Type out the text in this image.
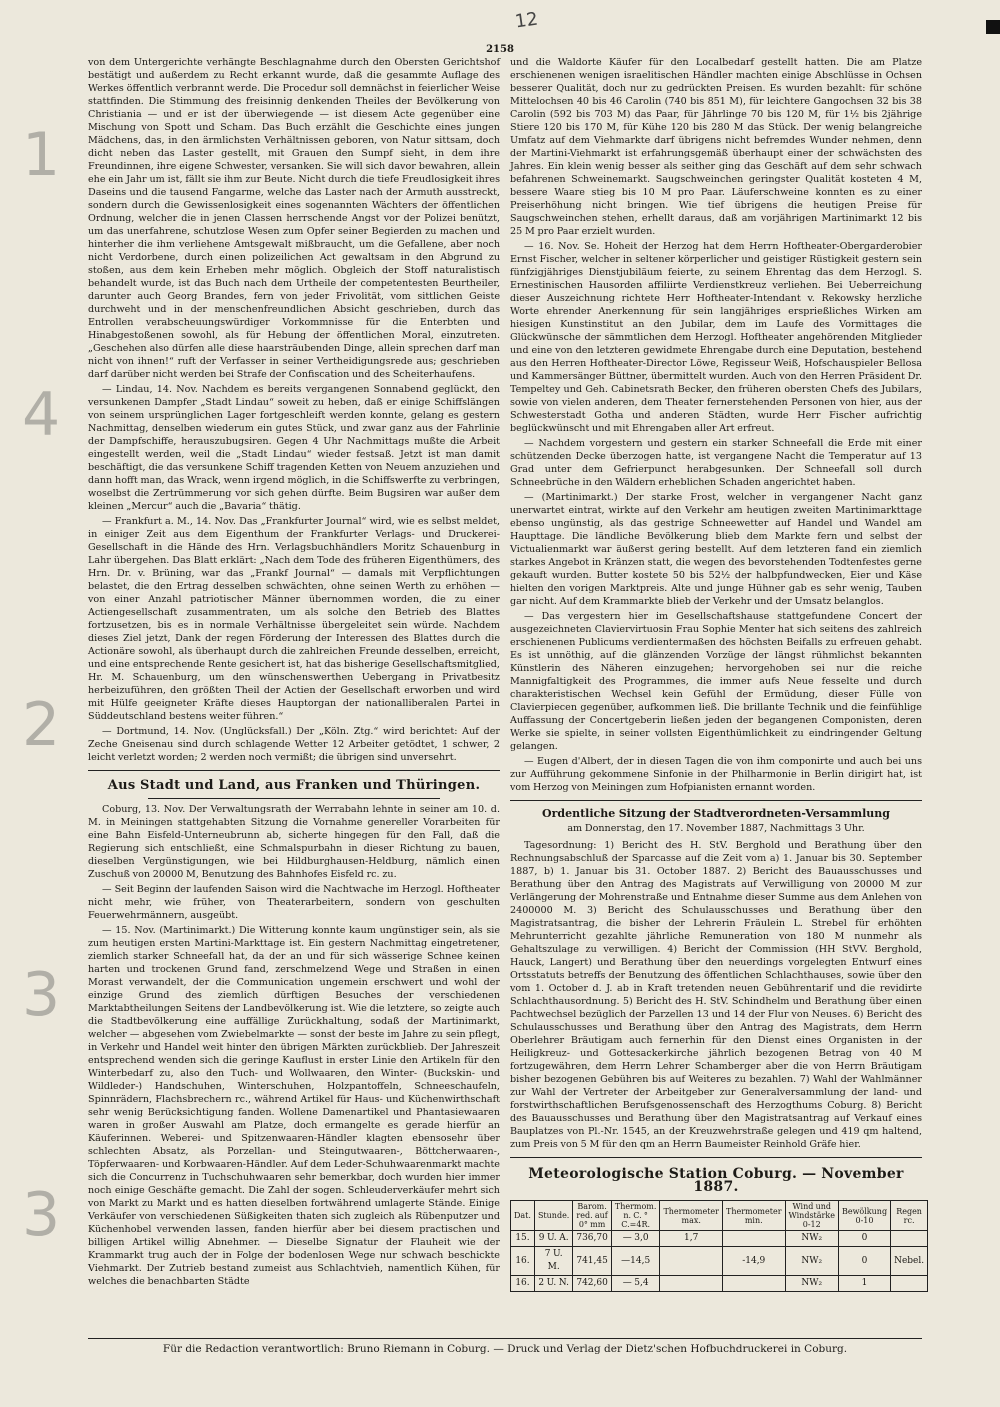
12
2158
1
4
2
3
3

von dem Untergerichte verhängte Beschlagnahme durch den Obersten Gerichtshof bestätigt und außerdem zu Recht erkannt wurde, daß die gesammte Auflage des Werkes öffentlich verbrannt werde. Die Procedur soll demnächst in feierlicher Weise stattfinden. Die Stimmung des freisinnig denkenden Theiles der Bevölkerung von Christiania — und er ist der überwiegende — ist diesem Acte gegenüber eine Mischung von Spott und Scham. Das Buch erzählt die Geschichte eines jungen Mädchens, das, in den ärmlichsten Verhältnissen geboren, von Natur sittsam, doch dicht neben das Laster gestellt, mit Grauen den Sumpf sieht, in dem ihre Freundinnen, ihre eigene Schwester, versanken. Sie will sich davor bewahren, allein ehe ein Jahr um ist, fällt sie ihm zur Beute. Nicht durch die tiefe Freudlosigkeit ihres Daseins und die tausend Fangarme, welche das Laster nach der Armuth ausstreckt, sondern durch die Gewissenlosigkeit eines sogenannten Wächters der öffentlichen Ordnung, welcher die in jenen Classen herrschende Angst vor der Polizei benützt, um das unerfahrene, schutzlose Wesen zum Opfer seiner Begierden zu machen und hinterher die ihm verliehene Amtsgewalt mißbraucht, um die Gefallene, aber noch nicht Verdorbene, durch einen polizeilichen Act gewaltsam in den Abgrund zu stoßen, aus dem kein Erheben mehr möglich. Obgleich der Stoff naturalistisch behandelt wurde, ist das Buch nach dem Urtheile der competentesten Beurtheiler, darunter auch Georg Brandes, fern von jeder Frivolität, vom sittlichen Geiste durchweht und in der menschenfreundlichen Absicht geschrieben, durch das Entrollen verabscheuungswürdiger Vorkommnisse für die Enterbten und Hinabgestoßenen sowohl, als für Hebung der öffentlichen Moral, einzutreten. „Geschehen also dürfen alle diese haarsträubenden Dinge, allein sprechen darf man nicht von ihnen!“ ruft der Verfasser in seiner Vertheidigungsrede aus; geschrieben darf darüber nicht werden bei Strafe der Confiscation und des Scheiterhaufens.

— Lindau, 14. Nov. Nachdem es bereits vergangenen Sonnabend geglückt, den versunkenen Dampfer „Stadt Lindau“ soweit zu heben, daß er einige Schiffslängen von seinem ursprünglichen Lager fortgeschleift werden konnte, gelang es gestern Nachmittag, denselben wiederum ein gutes Stück, und zwar ganz aus der Fahrlinie der Dampfschiffe, herauszubugsiren. Gegen 4 Uhr Nachmittags mußte die Arbeit eingestellt werden, weil die „Stadt Lindau“ wieder festsaß. Jetzt ist man damit beschäftigt, die das versunkene Schiff tragenden Ketten von Neuem anzuziehen und dann hofft man, das Wrack, wenn irgend möglich, in die Schiffswerfte zu verbringen, woselbst die Zertrümmerung vor sich gehen dürfte. Beim Bugsiren war außer dem kleinen „Mercur“ auch die „Bavaria“ thätig.

— Frankfurt a. M., 14. Nov. Das „Frankfurter Journal“ wird, wie es selbst meldet, in einiger Zeit aus dem Eigenthum der Frankfurter Verlags- und Druckerei-Gesellschaft in die Hände des Hrn. Verlagsbuchhändlers Moritz Schauenburg in Lahr übergehen. Das Blatt erklärt: „Nach dem Tode des früheren Eigenthümers, des Hrn. Dr. v. Brüning, war das „Frankf Journal“ — damals mit Verpflichtungen belastet, die den Ertrag desselben schwächten, ohne seinen Werth zu erhöhen — von einer Anzahl patriotischer Männer übernommen worden, die zu einer Actiengesellschaft zusammentraten, um als solche den Betrieb des Blattes fortzusetzen, bis es in normale Verhältnisse übergeleitet sein würde. Nachdem dieses Ziel jetzt, Dank der regen Förderung der Interessen des Blattes durch die Actionäre sowohl, als überhaupt durch die zahlreichen Freunde desselben, erreicht, und eine entsprechende Rente gesichert ist, hat das bisherige Gesellschaftsmitglied, Hr. M. Schauenburg, um den wünschenswerthen Uebergang in Privatbesitz herbeizuführen, den größten Theil der Actien der Gesellschaft erworben und wird mit Hülfe geeigneter Kräfte dieses Hauptorgan der nationalliberalen Partei in Süddeutschland bestens weiter führen.“

— Dortmund, 14. Nov. (Unglücksfall.) Der „Köln. Ztg.“ wird berichtet: Auf der Zeche Gneisenau sind durch schlagende Wetter 12 Arbeiter getödtet, 1 schwer, 2 leicht verletzt worden; 2 werden noch vermißt; die übrigen sind unversehrt.

Aus Stadt und Land, aus Franken und Thüringen.

Coburg, 13. Nov. Der Verwaltungsrath der Werrabahn lehnte in seiner am 10. d. M. in Meiningen stattgehabten Sitzung die Vornahme genereller Vorarbeiten für eine Bahn Eisfeld-Unterneubrunn ab, sicherte hingegen für den Fall, daß die Regierung sich entschließt, eine Schmalspurbahn in dieser Richtung zu bauen, dieselben Vergünstigungen, wie bei Hildburghausen-Heldburg, nämlich einen Zuschuß von 20000 M, Benutzung des Bahnhofes Eisfeld rc. zu.

— Seit Beginn der laufenden Saison wird die Nachtwache im Herzogl. Hoftheater nicht mehr, wie früher, von Theaterarbeitern, sondern von geschulten Feuerwehrmännern, ausgeübt.

— 15. Nov. (Martinimarkt.) Die Witterung konnte kaum ungünstiger sein, als sie zum heutigen ersten Martini-Markttage ist. Ein gestern Nachmittag eingetretener, ziemlich starker Schneefall hat, da der an und für sich wässerige Schnee keinen harten und trockenen Grund fand, zerschmelzend Wege und Straßen in einen Morast verwandelt, der die Communication ungemein erschwert und wohl der einzige Grund des ziemlich dürftigen Besuches der verschiedenen Marktabtheilungen Seitens der Landbevölkerung ist. Wie die letztere, so zeigte auch die Stadtbevölkerung eine auffällige Zurückhaltung, sodaß der Martinimarkt, welcher — abgesehen vom Zwiebelmarkte — sonst der beste im Jahre zu sein pflegt, in Verkehr und Handel weit hinter den übrigen Märkten zurückblieb. Der Jahreszeit entsprechend wenden sich die geringe Kauflust in erster Linie den Artikeln für den Winterbedarf zu, also den Tuch- und Wollwaaren, den Winter- (Buckskin- und Wildleder-) Handschuhen, Winterschuhen, Holzpantoffeln, Schneeschaufeln, Spinnrädern, Flachsbrechern rc., während Artikel für Haus- und Küchenwirthschaft sehr wenig Berücksichtigung fanden. Wollene Damenartikel und Phantasiewaaren waren in großer Auswahl am Platze, doch ermangelte es gerade hierfür an Käuferinnen. Weberei- und Spitzenwaaren-Händler klagten ebensosehr über schlechten Absatz, als Porzellan- und Steingutwaaren-, Böttcherwaaren-, Töpferwaaren- und Korbwaaren-Händler. Auf dem Leder-Schuhwaarenmarkt machte sich die Concurrenz in Tuchschuhwaaren sehr bemerkbar, doch wurden hier immer noch einige Geschäfte gemacht. Die Zahl der sogen. Schleuderverkäufer mehrt sich von Markt zu Markt und es hatten dieselben fortwährend umlagerte Stände. Einige Verkäufer von verschiedenen Süßigkeiten thaten sich zugleich als Rübenputzer und Küchenhobel verwenden lassen, fanden hierfür aber bei diesem practischen und billigen Artikel willig Abnehmer. — Dieselbe Signatur der Flauheit wie der Krammarkt trug auch der in Folge der bodenlosen Wege nur schwach beschickte Viehmarkt. Der Zutrieb bestand zumeist aus Schlachtvieh, namentlich Kühen, für welches die benachbarten Städte

und die Waldorte Käufer für den Localbedarf gestellt hatten. Die am Platze erschienenen wenigen israelitischen Händler machten einige Abschlüsse in Ochsen besserer Qualität, doch nur zu gedrückten Preisen. Es wurden bezahlt: für schöne Mittelochsen 40 bis 46 Carolin (740 bis 851 M), für leichtere Gangochsen 32 bis 38 Carolin (592 bis 703 M) das Paar, für Jährlinge 70 bis 120 M, für 1½ bis 2jährige Stiere 120 bis 170 M, für Kühe 120 bis 280 M das Stück. Der wenig belangreiche Umfatz auf dem Viehmarkte darf übrigens nicht befremdes Wunder nehmen, denn der Martini-Viehmarkt ist erfahrungsgemäß überhaupt einer der schwächsten des Jahres. Ein klein wenig besser als seither ging das Geschäft auf dem sehr schwach befahrenen Schweinemarkt. Saugschweinchen geringster Qualität kosteten 4 M, bessere Waare stieg bis 10 M pro Paar. Läuferschweine konnten es zu einer Preiserhöhung nicht bringen. Wie tief übrigens die heutigen Preise für Saugschweinchen stehen, erhellt daraus, daß am vorjährigen Martinimarkt 12 bis 25 M pro Paar erzielt wurden.

— 16. Nov. Se. Hoheit der Herzog hat dem Herrn Hoftheater-Obergarderobier Ernst Fischer, welcher in seltener körperlicher und geistiger Rüstigkeit gestern sein fünfzigjähriges Dienstjubiläum feierte, zu seinem Ehrentag das dem Herzogl. S. Ernestinischen Hausorden affiliirte Verdienstkreuz verliehen. Bei Ueberreichung dieser Auszeichnung richtete Herr Hoftheater-Intendant v. Rekowsky herzliche Worte ehrender Anerkennung für sein langjähriges ersprießliches Wirken am hiesigen Kunstinstitut an den Jubilar, dem im Laufe des Vormittages die Glückwünsche der sämmtlichen dem Herzogl. Hoftheater angehörenden Mitglieder und eine von den letzteren gewidmete Ehrengabe durch eine Deputation, bestehend aus den Herren Hoftheater-Director Löwe, Regisseur Weiß, Hofschauspieler Bellosa und Kammersänger Büttner, übermittelt wurden. Auch von den Herren Präsident Dr. Tempeltey und Geh. Cabinetsrath Becker, den früheren obersten Chefs des Jubilars, sowie von vielen anderen, dem Theater fernerstehenden Personen von hier, aus der Schwesterstadt Gotha und anderen Städten, wurde Herr Fischer aufrichtig beglückwünscht und mit Ehrengaben aller Art erfreut.

— Nachdem vorgestern und gestern ein starker Schneefall die Erde mit einer schützenden Decke überzogen hatte, ist vergangene Nacht die Temperatur auf 13 Grad unter dem Gefrierpunct herabgesunken. Der Schneefall soll durch Schneebrüche in den Wäldern erheblichen Schaden angerichtet haben.

— (Martinimarkt.) Der starke Frost, welcher in vergangener Nacht ganz unerwartet eintrat, wirkte auf den Verkehr am heutigen zweiten Martinimarkttage ebenso ungünstig, als das gestrige Schneewetter auf Handel und Wandel am Haupttage. Die ländliche Bevölkerung blieb dem Markte fern und selbst der Victualienmarkt war äußerst gering bestellt. Auf dem letzteren fand ein ziemlich starkes Angebot in Kränzen statt, die wegen des bevorstehenden Todtenfestes gerne gekauft wurden. Butter kostete 50 bis 52½ der halbpfundwecken, Eier und Käse hielten den vorigen Marktpreis. Alte und junge Hühner gab es sehr wenig, Tauben gar nicht. Auf dem Krammarkte blieb der Verkehr und der Umsatz belanglos.

— Das vergestern hier im Gesellschaftshause stattgefundene Concert der ausgezeichneten Claviervirtuosin Frau Sophie Menter hat sich seitens des zahlreich erschienenen Publicums verdientermaßen des höchsten Beifalls zu erfreuen gehabt. Es ist unnöthig, auf die glänzenden Vorzüge der längst rühmlichst bekannten Künstlerin des Näheren einzugehen; hervorgehoben sei nur die reiche Mannigfaltigkeit des Programmes, die immer aufs Neue fesselte und durch charakteristischen Wechsel kein Gefühl der Ermüdung, dieser Fülle von Clavierpiecen gegenüber, aufkommen ließ. Die brillante Technik und die feinfühlige Auffassung der Concertgeberin ließen jeden der begangenen Componisten, deren Werke sie spielte, in seiner vollsten Eigenthümlichkeit zu eindringender Geltung gelangen.

— Eugen d'Albert, der in diesen Tagen die von ihm componirte und auch bei uns zur Aufführung gekommene Sinfonie in der Philharmonie in Berlin dirigirt hat, ist vom Herzog von Meiningen zum Hofpianisten ernannt worden.

Ordentliche Sitzung der Stadtverordneten-Versammlung

am Donnerstag, den 17. November 1887, Nachmittags 3 Uhr.

Tagesordnung: 1) Bericht des H. StV. Berghold und Berathung über den Rechnungsabschluß der Sparcasse auf die Zeit vom a) 1. Januar bis 30. September 1887, b) 1. Januar bis 31. October 1887. 2) Bericht des Bauausschusses und Berathung über den Antrag des Magistrats auf Verwilligung von 20000 M zur Verlängerung der Mohrenstraße und Entnahme dieser Summe aus dem Anlehen von 2400000 M. 3) Bericht des Schulausschusses und Berathung über den Magistratsantrag, die bisher der Lehrerin Fräulein L. Strebel für erhöhten Mehrunterricht gezahlte jährliche Remuneration von 180 M nunmehr als Gehaltszulage zu verwilligen. 4) Bericht der Commission (HH StVV. Berghold, Hauck, Langert) und Berathung über den neuerdings vorgelegten Entwurf eines Ortsstatuts betreffs der Benutzung des öffentlichen Schlachthauses, sowie über den vom 1. October d. J. ab in Kraft tretenden neuen Gebührentarif und die revidirte Schlachthausordnung. 5) Bericht des H. StV. Schindhelm und Berathung über einen Pachtwechsel bezüglich der Parzellen 13 und 14 der Flur von Neuses. 6) Bericht des Schulausschusses und Berathung über den Antrag des Magistrats, dem Herrn Oberlehrer Bräutigam auch fernerhin für den Dienst eines Organisten in der Heiligkreuz- und Gottesackerkirche jährlich bezogenen Betrag von 40 M fortzugewähren, dem Herrn Lehrer Schamberger aber die von Herrn Bräutigam bisher bezogenen Gebühren bis auf Weiteres zu bezahlen. 7) Wahl der Wahlmänner zur Wahl der Vertreter der Arbeitgeber zur Generalversammlung der land- und forstwirthschaftlichen Berufsgenossenschaft des Herzogthums Coburg. 8) Bericht des Bauausschusses und Berathung über den Magistratsantrag auf Verkauf eines Bauplatzes von Pl.-Nr. 1545, an der Kreuzwehrstraße gelegen und 419 qm haltend, zum Preis von 5 M für den qm an Herrn Baumeister Reinhold Gräfe hier.

Meteorologische Station Coburg. — November 1887.
Dat.	Stunde.	Barom. red. auf 0° mm	Thermom. n. C. ° C.=4R.	Thermometer max.	Thermometer min.	Wind und Windstärke 0-12	Bewölkung 0-10	Regen rc.
15.	9 U. A.	736,70	— 3,0	1,7		NW₂	0	
16.	7 U. M.	741,45	—14,5		-14,9	NW₂	0	Nebel.
16.	2 U. N.	742,60	— 5,4			NW₂	1	
Für die Redaction verantwortlich: Bruno Riemann in Coburg. — Druck und Verlag der Dietz'schen Hofbuchdruckerei in Coburg.
